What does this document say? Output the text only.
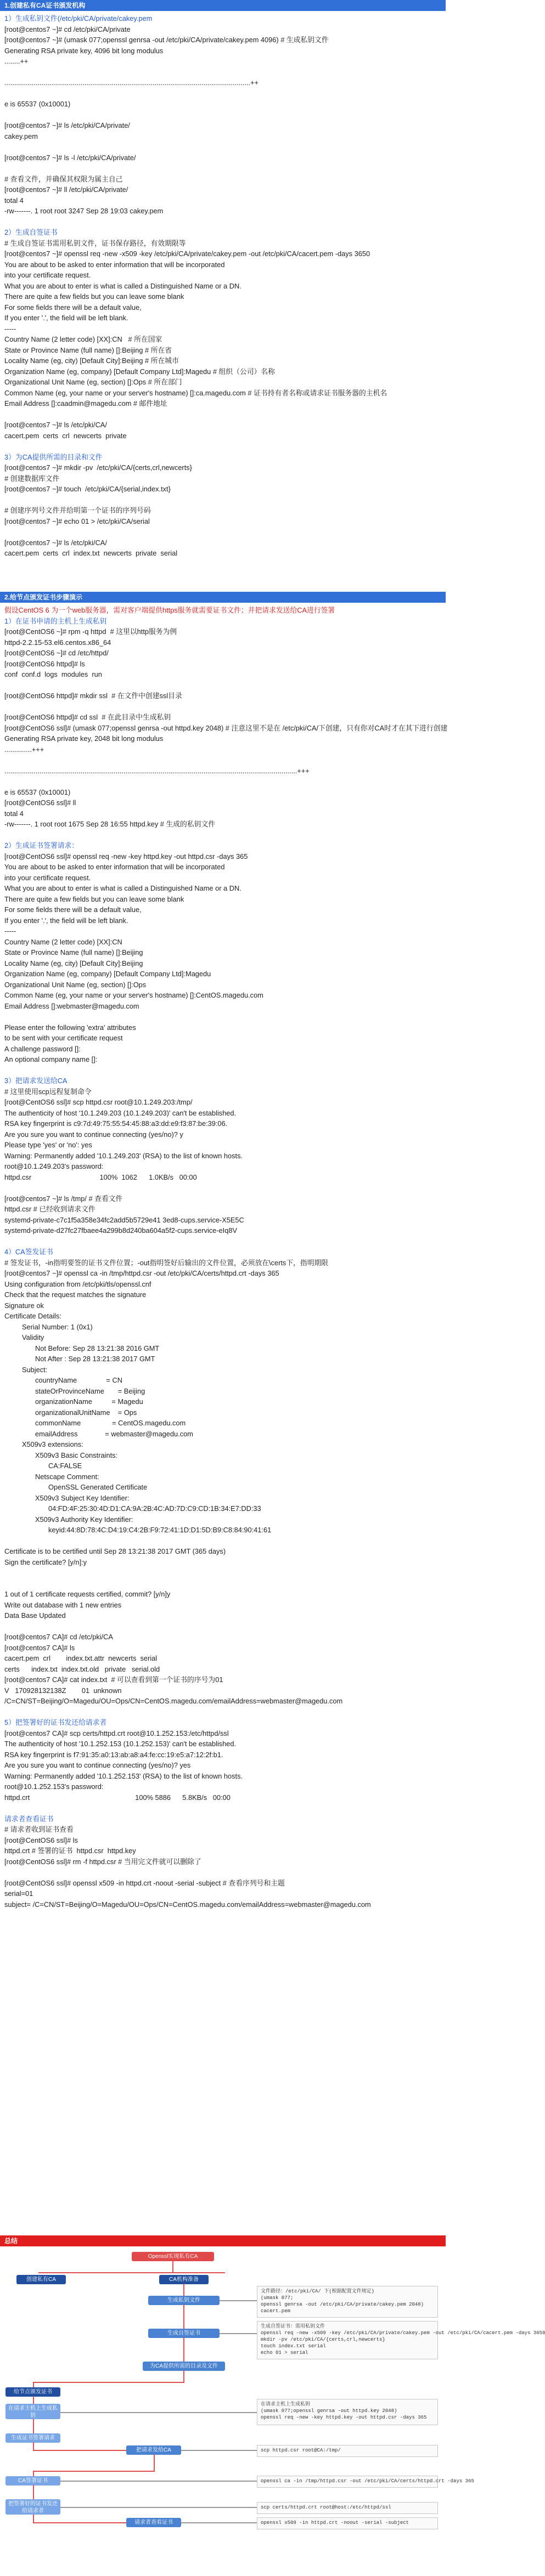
1.创建私有CA证书颁发机构
1）生成私钥文件(/etc/pki/CA/private/cakey.pem
[root@centos7 ~]# cd /etc/pki/CA/private
[root@centos7 ~]# (umask 077;openssl genrsa -out /etc/pki/CA/private/cakey.pem 4096) # 生成私钥文件
Generating RSA private key, 4096 bit long modulus
........++
..............................................................................................................................++
e is 65537 (0x10001)
[root@centos7 ~]# ls /etc/pki/CA/private/
cakey.pem
[root@centos7 ~]# ls -l /etc/pki/CA/private/
# 查看文件，并确保其权限为属主自己
[root@centos7 ~]# ll /etc/pki/CA/private/
total 4
-rw-------. 1 root root 3247 Sep 28 19:03 cakey.pem
2）生成自签证书
# 生成自签证书需用私钥文件，证书保存路径，有效期限等
[root@centos7 ~]# openssl req -new -x509 -key /etc/pki/CA/private/cakey.pem -out /etc/pki/CA/cacert.pem -days 3650
You are about to be asked to enter information that will be incorporated
into your certificate request.
What you are about to enter is what is called a Distinguished Name or a DN.
There are quite a few fields but you can leave some blank
For some fields there will be a default value,
If you enter '.', the field will be left blank.
-----
Country Name (2 letter code) [XX]:CN   # 所在国家
State or Province Name (full name) []:Beijing # 所在省
Locality Name (eg, city) [Default City]:Beijing # 所在城市
Organization Name (eg, company) [Default Company Ltd]:Magedu # 组织（公司）名称
Organizational Unit Name (eg, section) []:Ops # 所在部门
Common Name (eg, your name or your server's hostname) []:ca.magedu.com # 证书持有者名称或请求证书服务器的主机名
Email Address []:caadmin@magedu.com # 邮件地址
[root@centos7 ~]# ls /etc/pki/CA/
cacert.pem  certs  crl  newcerts  private
3）为CA提供所需的目录和文件
[root@centos7 ~]# mkdir -pv  /etc/pki/CA/{certs,crl,newcerts}
# 创建数据库文件
[root@centos7 ~]# touch  /etc/pki/CA/{serial,index.txt}
# 创建序列号文件并给明第一个证书的序列号码
[root@centos7 ~]# echo 01 > /etc/pki/CA/serial
[root@centos7 ~]# ls /etc/pki/CA/
cacert.pem  certs  crl  index.txt  newcerts  private  serial
2.给节点颁发证书步骤演示
假设CentOS 6 为一个web服务器，需对客户端提供https服务就需要证书文件；并把请求发送给CA进行签署
1）在证书申请的主机上生成私钥
[root@CentOS6 ~]# rpm -q httpd  # 这里以http服务为例
httpd-2.2.15-53.el6.centos.x86_64
[root@CentOS6 ~]# cd /etc/httpd/
[root@CentOS6 httpd]# ls
conf  conf.d  logs  modules  run
[root@CentOS6 httpd]# mkdir ssl  # 在文件中创建ssl目录
[root@CentOS6 httpd]# cd ssl  # 在此目录中生成私钥
[root@CentOS6 ssl]# (umask 077;openssl genrsa -out httpd.key 2048) # 注意这里不是在 /etc/pki/CA/下创建，只有你对CA时才在其下进行创建
Generating RSA private key, 2048 bit long modulus
..............+++
......................................................................................................................................................+++
e is 65537 (0x10001)
[root@CentOS6 ssl]# ll
total 4
-rw-------. 1 root root 1675 Sep 28 16:55 httpd.key # 生成的私钥文件
2）生成证书签署请求：
[root@CentOS6 ssl]# openssl req -new -key httpd.key -out httpd.csr -days 365
You are about to be asked to enter information that will be incorporated
into your certificate request.
What you are about to enter is what is called a Distinguished Name or a DN.
There are quite a few fields but you can leave some blank
For some fields there will be a default value,
If you enter '.', the field will be left blank.
-----
Country Name (2 letter code) [XX]:CN
State or Province Name (full name) []:Beijing
Locality Name (eg, city) [Default City]:Beijing
Organization Name (eg, company) [Default Company Ltd]:Magedu
Organizational Unit Name (eg, section) []:Ops
Common Name (eg, your name or your server's hostname) []:CentOS.magedu.com
Email Address []:webmaster@magedu.com
Please enter the following 'extra' attributes
to be sent with your certificate request
A challenge password []:
An optional company name []:
3）把请求发送给CA
# 这里使用scp远程复制命令
[root@CentOS6 ssl]# scp httpd.csr root@10.1.249.203:/tmp/
The authenticity of host '10.1.249.203 (10.1.249.203)' can't be established.
RSA key fingerprint is c9:7d:49:75:55:54:45:88:a3:dd:e9:f3:87:be:39:06.
Are you sure you want to continue connecting (yes/no)? y
Please type 'yes' or 'no': yes
Warning: Permanently added '10.1.249.203' (RSA) to the list of known hosts.
root@10.1.249.203's password:
httpd.csr                                   100%  1062      1.0KB/s   00:00
[root@centos7 ~]# ls /tmp/ # 查看文件
httpd.csr # 已经收到请求文件
systemd-private-c7c1f5a358e34fc2add5b5729e41 3ed8-cups.service-X5E5C
systemd-private-d27fc27fbaee4a299b8d240ba604a5f2-cups.service-eIq8V
4）CA签发证书
# 签发证书，-in指明要签的证书文件位置；-out指明签好后输出的文件位置，必须放在\certs下，指明期限
[root@centos7 ~]# openssl ca -in /tmp/httpd.csr -out /etc/pki/CA/certs/httpd.crt -days 365
Using configuration from /etc/pki/tls/openssl.cnf
Check that the request matches the signature
Signature ok
Certificate Details:
Serial Number: 1 (0x1)
Validity
Not Before: Sep 28 13:21:38 2016 GMT
Not After : Sep 28 13:21:38 2017 GMT
Subject:
countryName               = CN
stateOrProvinceName       = Beijing
organizationName          = Magedu
organizationalUnitName    = Ops
commonName                = CentOS.magedu.com
emailAddress              = webmaster@magedu.com
X509v3 extensions:
X509v3 Basic Constraints:
CA:FALSE
Netscape Comment:
OpenSSL Generated Certificate
X509v3 Subject Key Identifier:
04:FD:4F:25:30:4D:D1:CA:9A:2B:4C:AD:7D:C9:CD:1B:34:E7:DD:33
X509v3 Authority Key Identifier:
keyid:44:8D:78:4C:D4:19:C4:2B:F9:72:41:1D:D1:5D:B9:C8:84:90:41:61
Certificate is to be certified until Sep 28 13:21:38 2017 GMT (365 days)
Sign the certificate? [y/n]:y
1 out of 1 certificate requests certified, commit? [y/n]y
Write out database with 1 new entries
Data Base Updated
[root@centos7 CA]# cd /etc/pki/CA
[root@centos7 CA]# ls
cacert.pem  crl        index.txt.attr  newcerts  serial
certs      index.txt  index.txt.old   private   serial.old
[root@centos7 CA]# cat index.txt  # 可以查看到第一个证书的序号为01
V   170928132138Z        01  unknown
/C=CN/ST=Beijing/O=Magedu/OU=Ops/CN=CentOS.magedu.com/emailAddress=webmaster@magedu.com
5）把签署好的证书发还给请求者
[root@centos7 CA]# scp certs/httpd.crt root@10.1.252.153:/etc/httpd/ssl
The authenticity of host '10.1.252.153 (10.1.252.153)' can't be established.
RSA key fingerprint is f7:91:35:a0:13:ab:a8:a4:fe:cc:19:e5:a7:12:2f:b1.
Are you sure you want to continue connecting (yes/no)? yes
Warning: Permanently added '10.1.252.153' (RSA) to the list of known hosts.
root@10.1.252.153's password:
httpd.crt                                                      100% 5886      5.8KB/s   00:00
请求者查看证书
# 请求者收到证书查看
[root@CentOS6 ssl]# ls
httpd.crt # 签署的证书  httpd.csr  httpd.key
[root@CentOS6 ssl]# rm -f httpd.csr # 当用完文件就可以删除了
[root@CentOS6 ssl]# openssl x509 -in httpd.crt -noout -serial -subject # 查看序列号和主题
serial=01
subject= /C=CN/ST=Beijing/O=Magedu/OU=Ops/CN=CentOS.magedu.com/emailAddress=webmaster@magedu.com
总结
Openssl实现私有CA
创建私有CA	CA机构准备
生成私钥文件
生成自签证书
为CA提供所需的目录及文件
给节点颁发证书
在请求主机上生成私钥
生成证书签署请求
把请求发给CA
CA签署证书
把签署好的证书发还给请求者
请求者查看证书
文件路径：/etc/pki/CA/ 下(根据配置文件规定)
(umask 077;
openssl genrsa -out /etc/pki/CA/private/cakey.pem 2048)
cacert.pem
生成自签证书：需用私钥文件
openssl req -new -x509 -key /etc/pki/CA/private/cakey.pem -out /etc/pki/CA/cacert.pem -days 3650
mkdir -pv /etc/pki/CA/{certs,crl,newcerts}
touch index.txt serial
echo 01 > serial
在请求主机上生成私钥
(umask 077;openssl genrsa -out httpd.key 2048)
openssl req -new -key httpd.key -out httpd.csr -days 365
scp httpd.csr root@CA:/tmp/
openssl ca -in /tmp/httpd.csr -out /etc/pki/CA/certs/httpd.crt -days 365
scp certs/httpd.crt root@host:/etc/httpd/ssl
openssl x509 -in httpd.crt -noout -serial -subject
